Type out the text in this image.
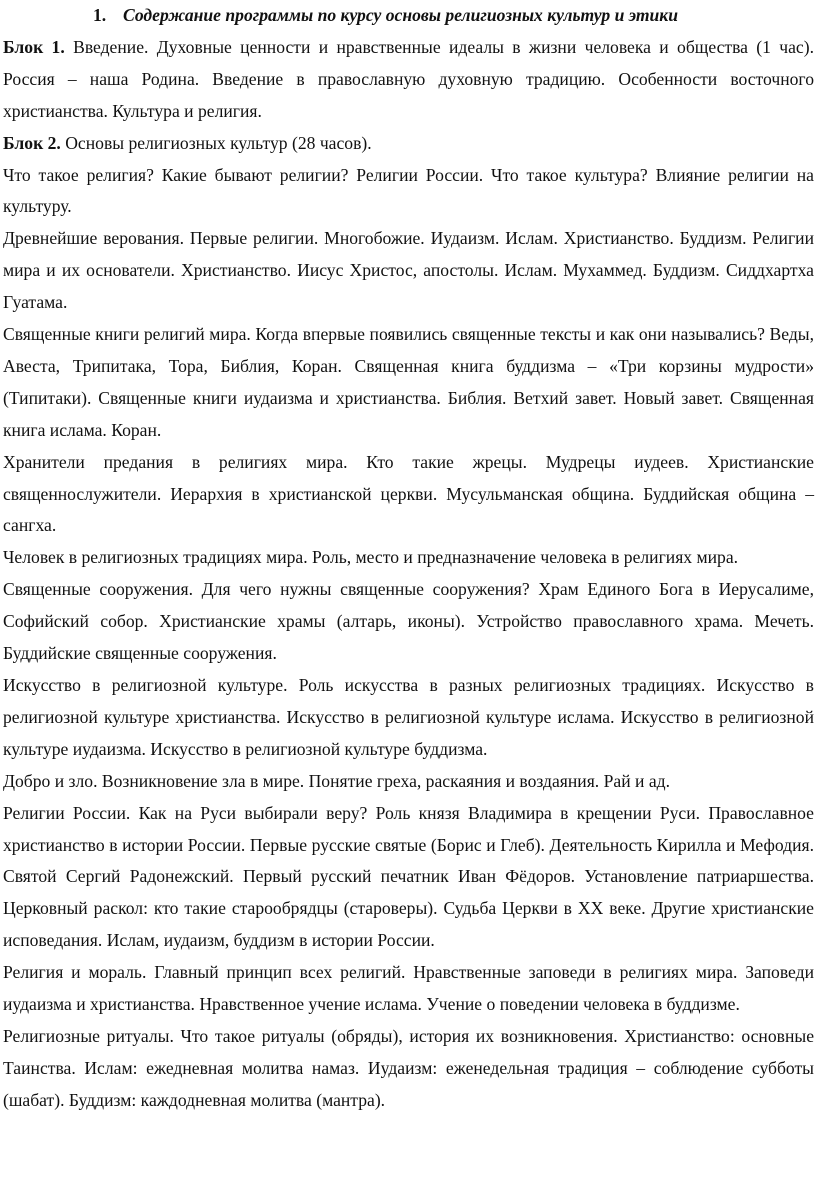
1. Содержание программы по курсу основы религиозных культур и этики

Блок 1. Введение. Духовные ценности и нравственные идеалы в жизни человека и общества (1 час). Россия – наша Родина. Введение в православную духовную традицию. Особенности восточного христианства. Культура и религия.

Блок 2. Основы религиозных культур (28 часов).

Что такое религия? Какие бывают религии? Религии России. Что такое культура? Влияние религии на культуру.

Древнейшие верования. Первые религии. Многобожие. Иудаизм. Ислам. Христианство. Буддизм. Религии мира и их основатели. Христианство. Иисус Христос, апостолы. Ислам. Мухаммед. Буддизм. Сиддхартха Гуатама.

Священные книги религий мира. Когда впервые появились священные тексты и как они назывались? Веды, Авеста, Трипитака, Тора, Библия, Коран. Священная книга буддизма – «Три корзины мудрости» (Типитаки). Священные книги иудаизма и христианства. Библия. Ветхий завет. Новый завет. Священная книга ислама. Коран.

Хранители предания в религиях мира. Кто такие жрецы. Мудрецы иудеев. Христианские священнослужители. Иерархия в христианской церкви. Мусульманская община. Буддийская община – сангха.

Человек в религиозных традициях мира. Роль, место и предназначение человека в религиях мира.

Священные сооружения. Для чего нужны священные сооружения? Храм Единого Бога в Иерусалиме, Софийский собор. Христианские храмы (алтарь, иконы). Устройство православного храма. Мечеть. Буддийские священные сооружения.

Искусство в религиозной культуре. Роль искусства в разных религиозных традициях. Искусство в религиозной культуре христианства. Искусство в религиозной культуре ислама. Искусство в религиозной культуре иудаизма. Искусство в религиозной культуре буддизма.

Добро и зло. Возникновение зла в мире. Понятие греха, раскаяния и воздаяния. Рай и ад.

Религии России. Как на Руси выбирали веру? Роль князя Владимира в крещении Руси. Православное христианство в истории России. Первые русские святые (Борис и Глеб). Деятельность Кирилла и Мефодия. Святой Сергий Радонежский. Первый русский печатник Иван Фёдоров. Установление патриаршества. Церковный раскол: кто такие старообрядцы (староверы). Судьба Церкви в XX веке. Другие христианские исповедания. Ислам, иудаизм, буддизм в истории России.

Религия и мораль. Главный принцип всех религий. Нравственные заповеди в религиях мира. Заповеди иудаизма и христианства. Нравственное учение ислама. Учение о поведении человека в буддизме.

Религиозные ритуалы. Что такое ритуалы (обряды), история их возникновения. Христианство: основные Таинства. Ислам: ежедневная молитва намаз. Иудаизм: еженедельная традиция – соблюдение субботы (шабат). Буддизм: каждодневная молитва (мантра).
